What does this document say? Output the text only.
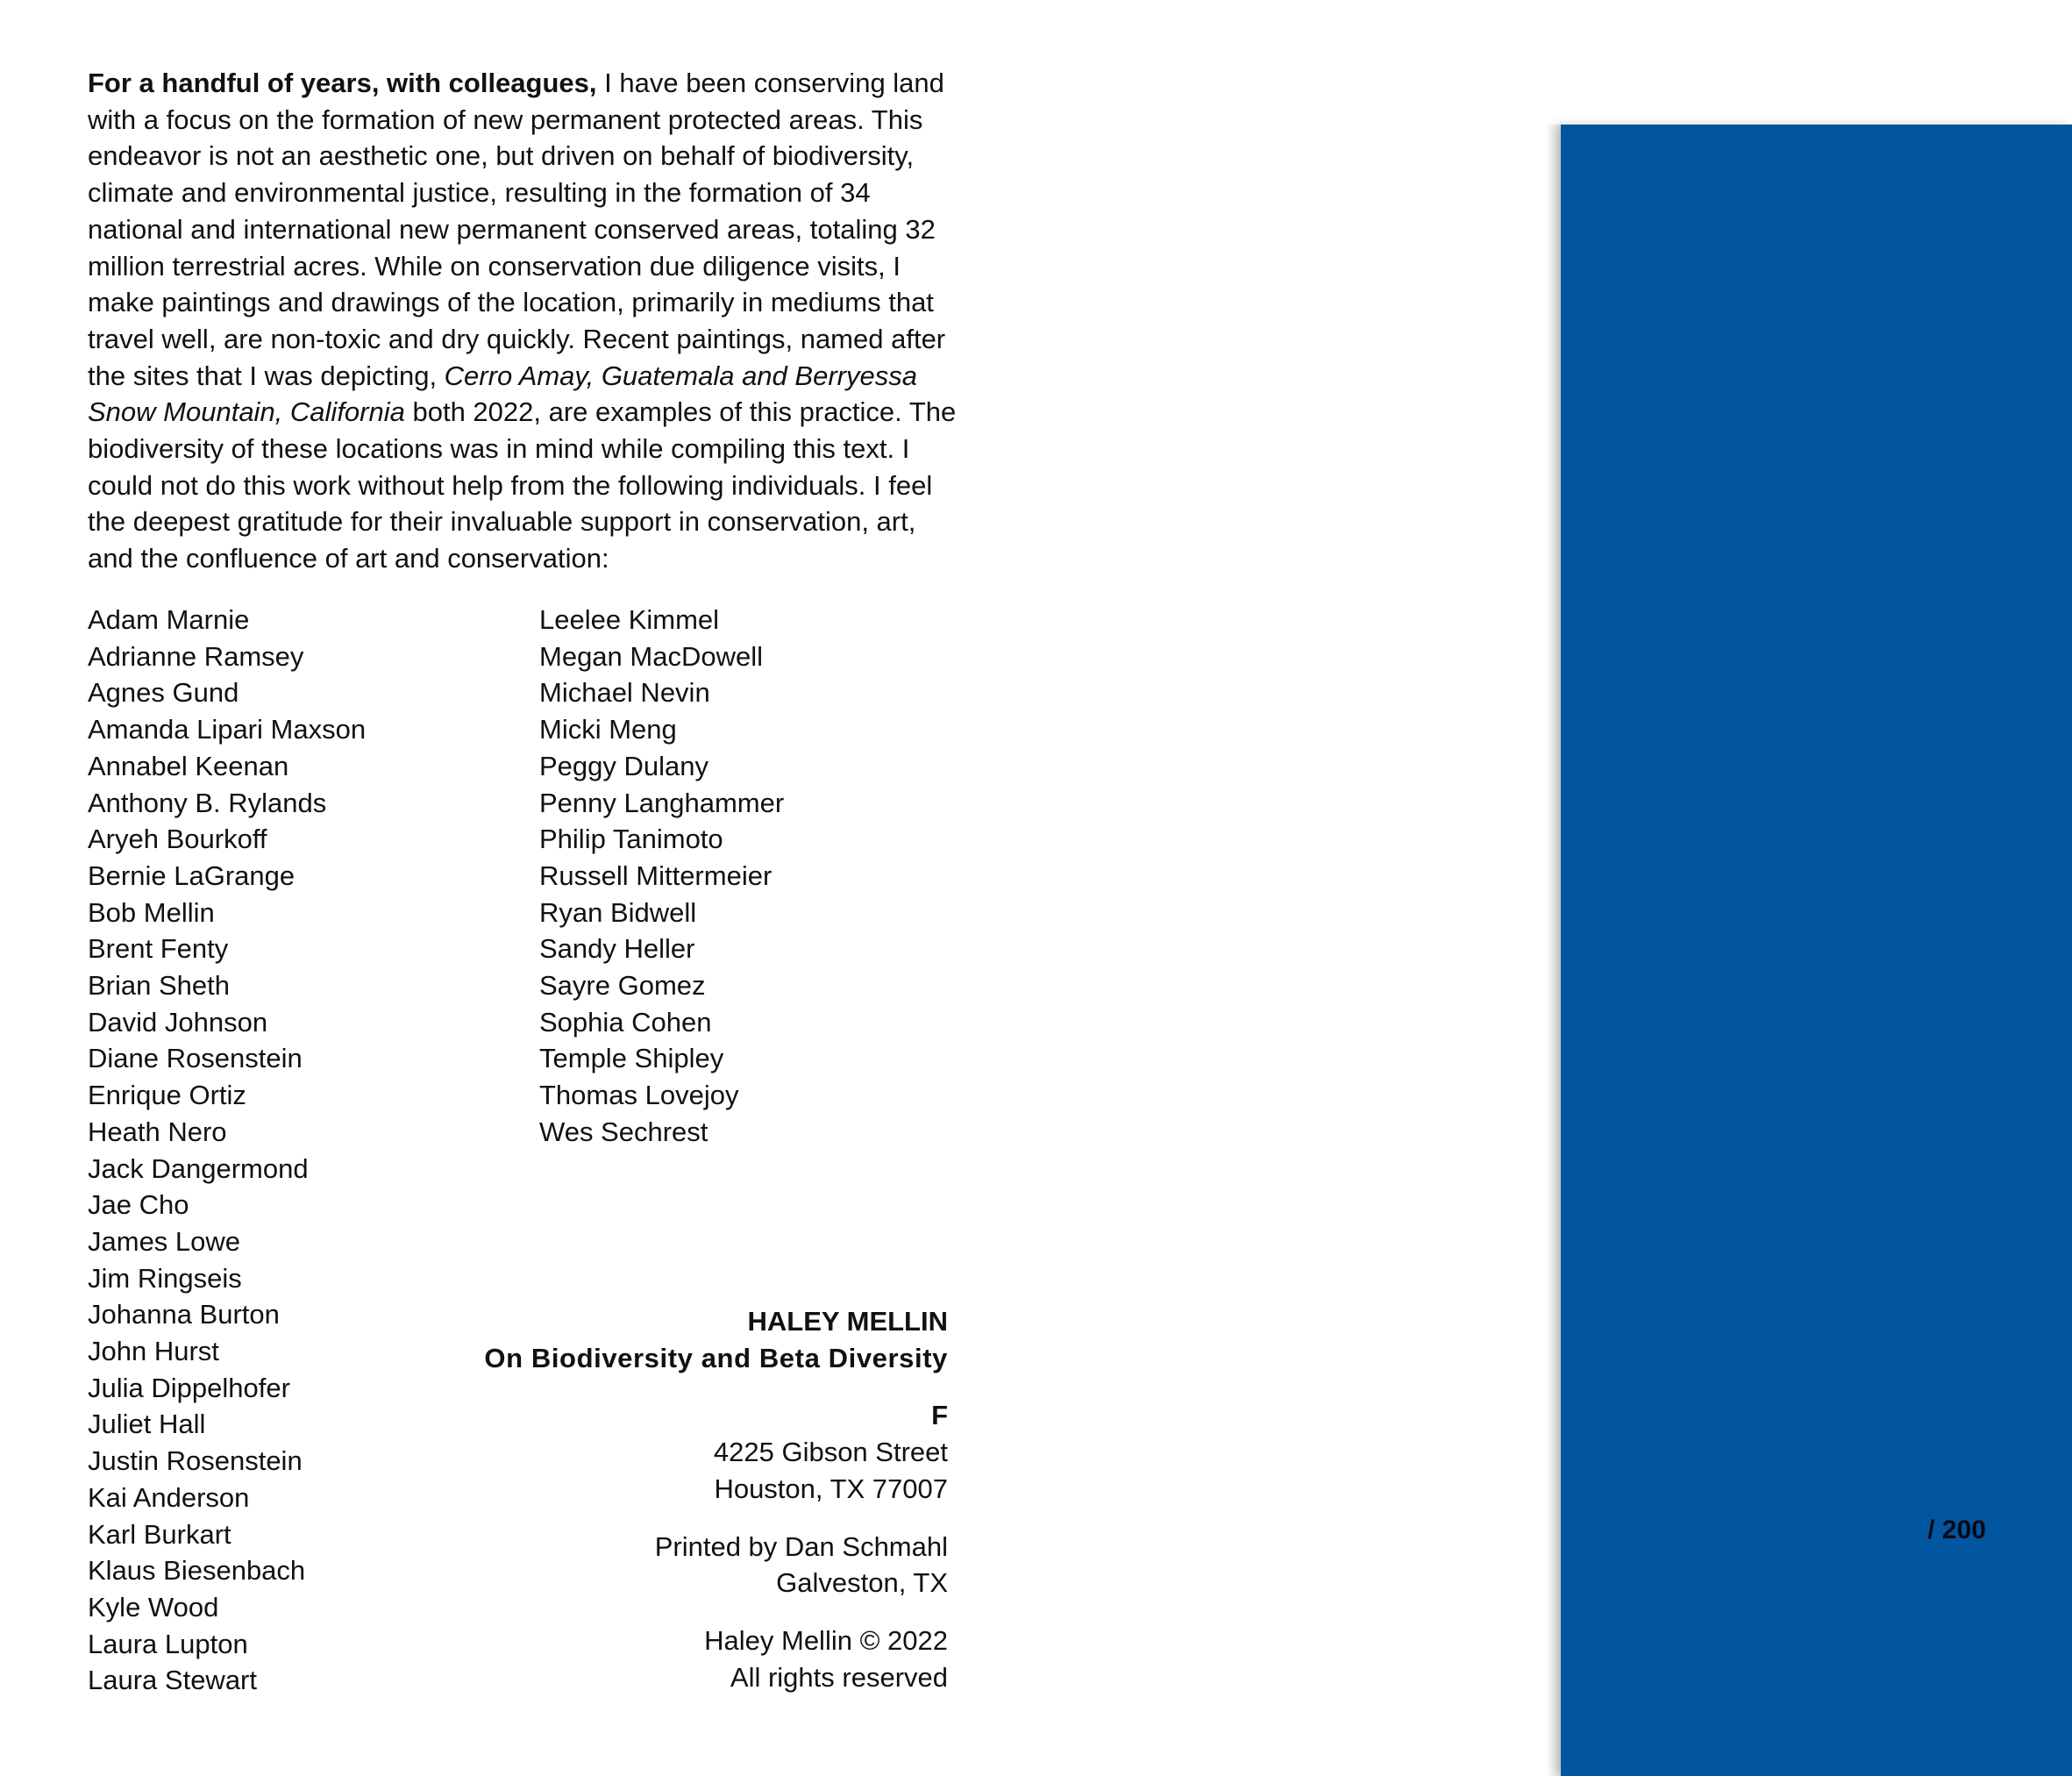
For a handful of years, with colleagues, I have been conserving land with a focus on the formation of new permanent protected areas. This endeavor is not an aesthetic one, but driven on behalf of biodiversity, climate and environmental justice, resulting in the formation of 34 national and international new permanent conserved areas, totaling 32 million terrestrial acres. While on conservation due diligence visits, I make paintings and drawings of the location, primarily in mediums that travel well, are non-toxic and dry quickly. Recent paintings, named after the sites that I was depicting, Cerro Amay, Guatemala and Berryessa Snow Mountain, California both 2022, are examples of this practice. The biodiversity of these locations was in mind while compiling this text. I could not do this work without help from the following individuals. I feel the deepest gratitude for their invaluable support in conservation, art, and the confluence of art and conservation:

Adam Marnie
Adrianne Ramsey
Agnes Gund
Amanda Lipari Maxson
Annabel Keenan
Anthony B. Rylands
Aryeh Bourkoff
Bernie LaGrange
Bob Mellin
Brent Fenty
Brian Sheth
David Johnson
Diane Rosenstein
Enrique Ortiz
Heath Nero
Jack Dangermond
Jae Cho
James Lowe
Jim Ringseis
Johanna Burton
John Hurst
Julia Dippelhofer
Juliet Hall
Justin Rosenstein
Kai Anderson
Karl Burkart
Klaus Biesenbach
Kyle Wood
Laura Lupton
Laura Stewart
Leelee Kimmel
Megan MacDowell
Michael Nevin
Micki Meng
Peggy Dulany
Penny Langhammer
Philip Tanimoto
Russell Mittermeier
Ryan Bidwell
Sandy Heller
Sayre Gomez
Sophia Cohen
Temple Shipley
Thomas Lovejoy
Wes Sechrest
HALEY MELLIN
On Biodiversity and Beta Diversity
F
4225 Gibson Street
Houston, TX 77007
Printed by Dan Schmahl
Galveston, TX
Haley Mellin © 2022
All rights reserved
/ 200
